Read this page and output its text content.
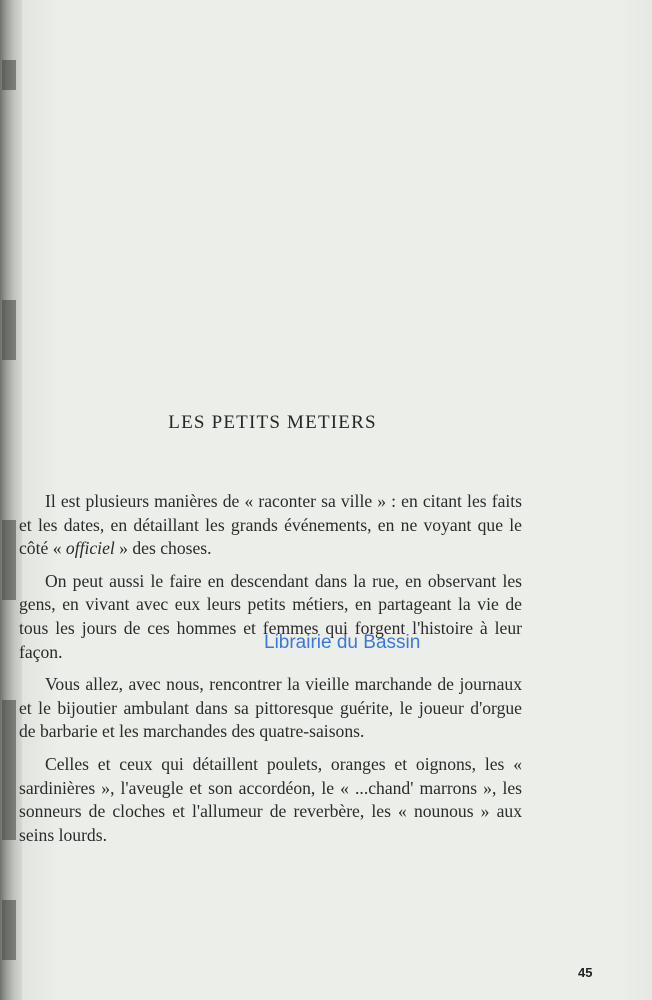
LES PETITS METIERS

Il est plusieurs manières de « raconter sa ville » : en citant les faits et les dates, en détaillant les grands événements, en ne voyant que le côté « officiel » des choses.

On peut aussi le faire en descendant dans la rue, en observant les gens, en vivant avec eux leurs petits métiers, en partageant la vie de tous les jours de ces hommes et femmes qui forgent l'histoire à leur façon.

Vous allez, avec nous, rencontrer la vieille marchande de journaux et le bijoutier ambulant dans sa pittoresque guérite, le joueur d'orgue de barbarie et les marchandes des quatre-saisons.

Celles et ceux qui détaillent poulets, oranges et oignons, les « sardinières », l'aveugle et son accordéon, le « ...chand' marrons », les sonneurs de cloches et l'allumeur de reverbère, les « nounous » aux seins lourds.

Librairie du Bassin
45
